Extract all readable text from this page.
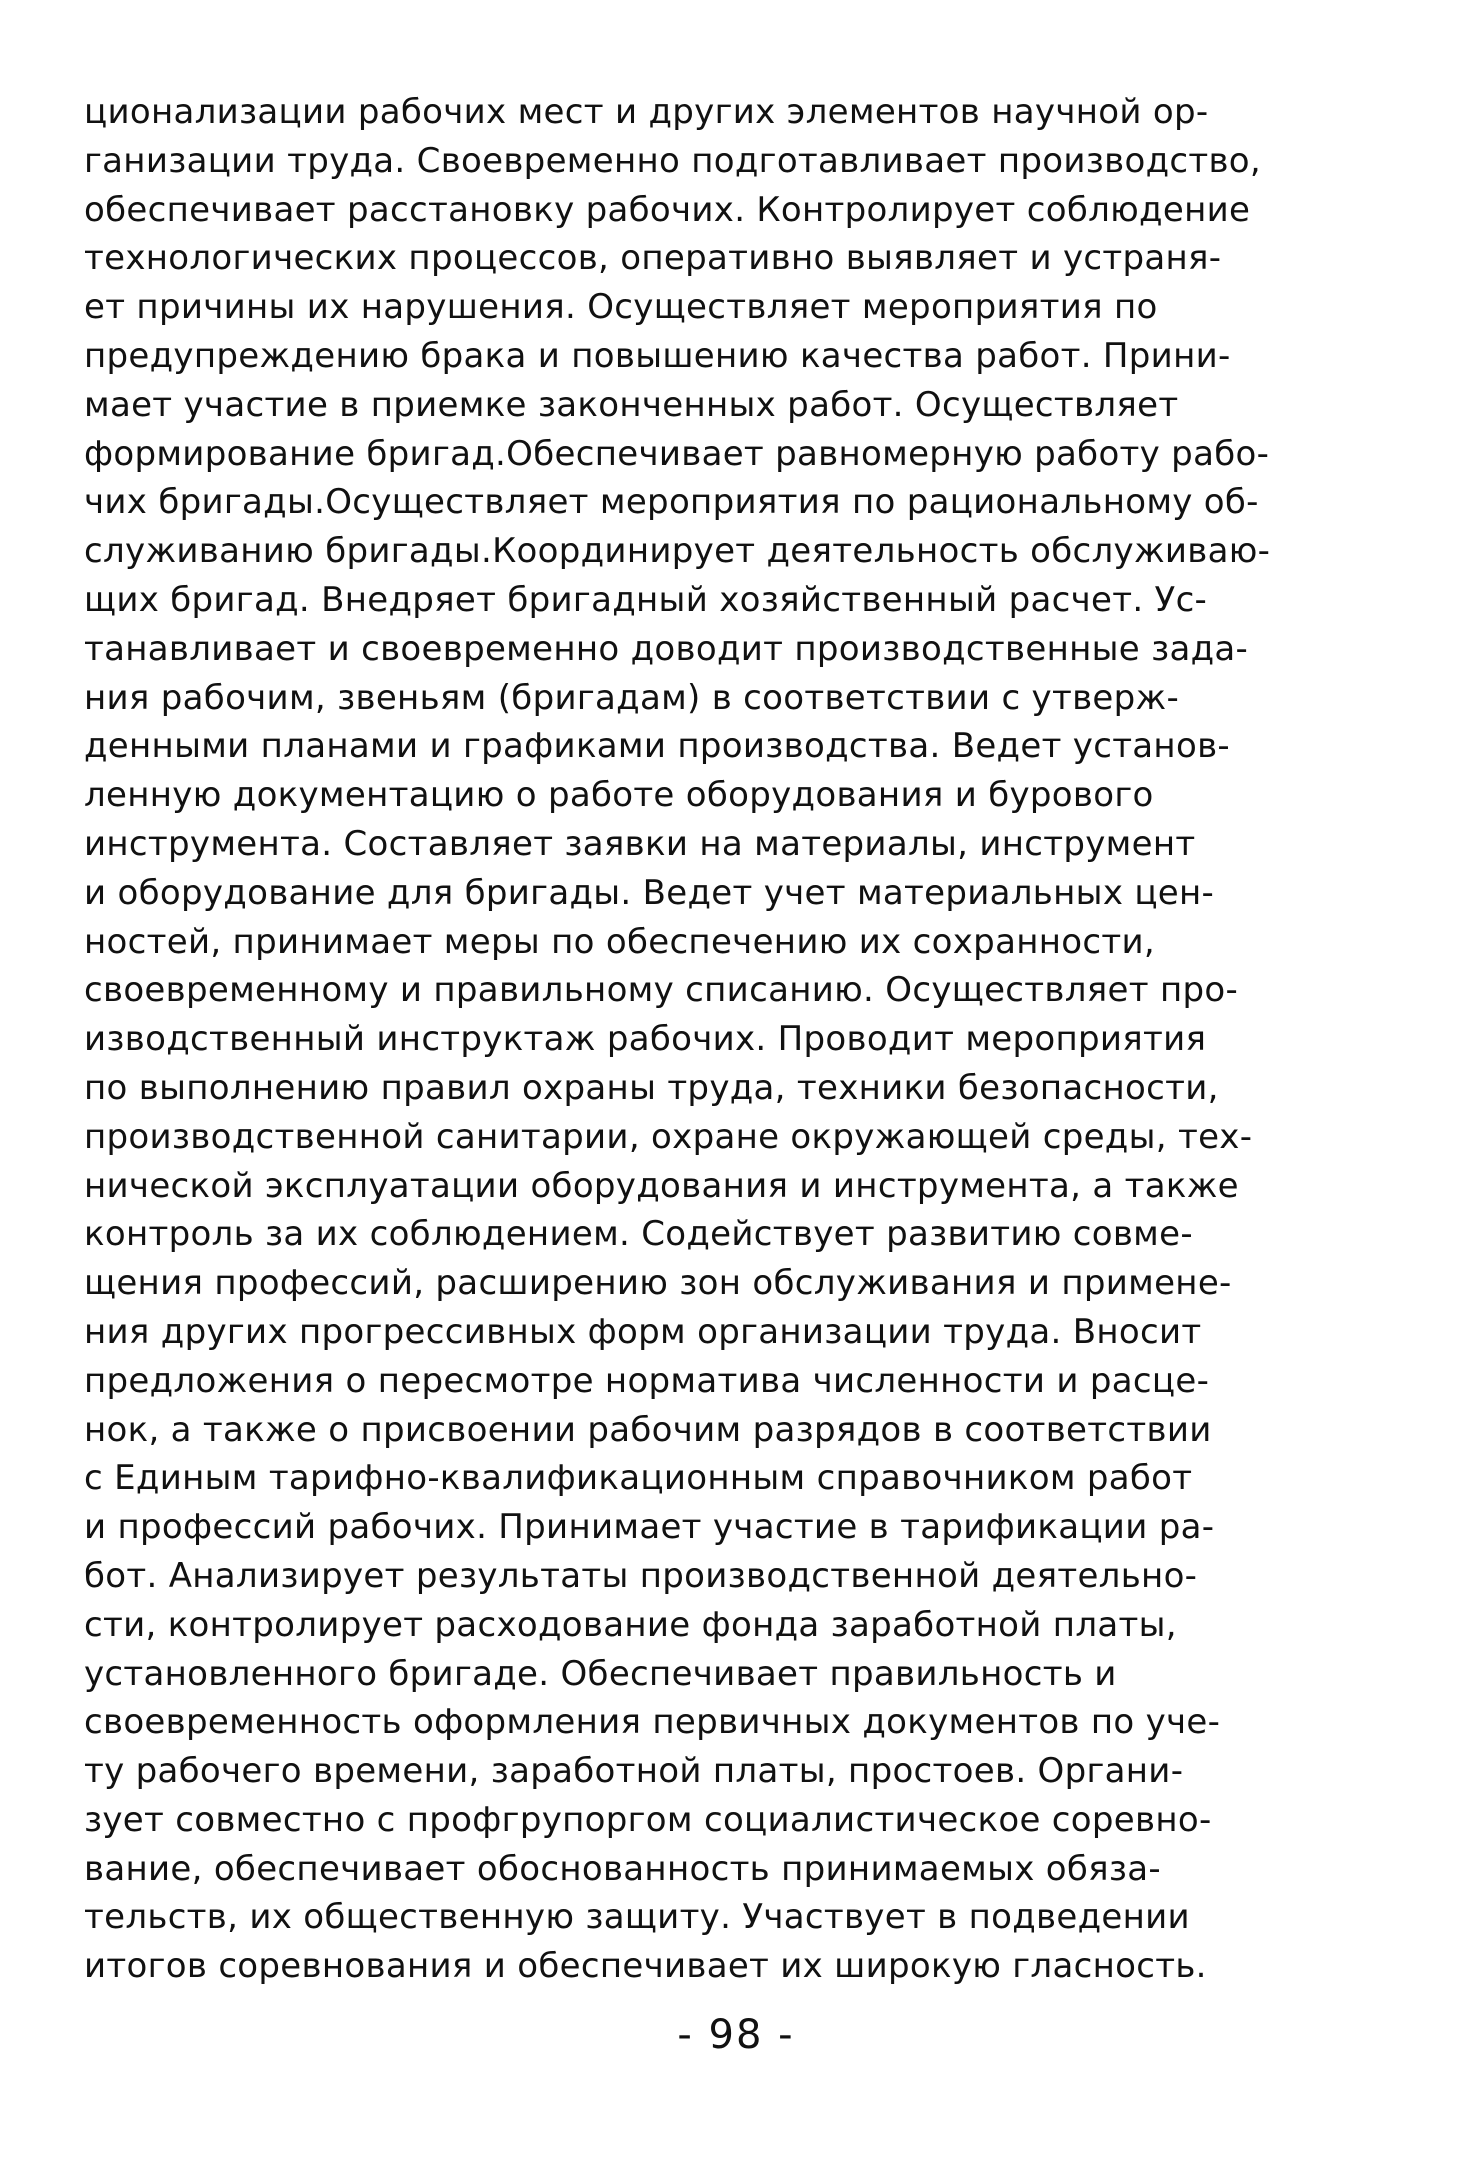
ционализации рабочих мест и других элементов научной ор-
ганизации труда. Своевременно подготавливает производство,
обеспечивает расстановку рабочих. Контролирует соблюдение
технологических процессов, оперативно выявляет и устраня-
ет причины их нарушения. Осуществляет мероприятия по
предупреждению брака и повышению качества работ. Прини-
мает участие в приемке законченных работ. Осуществляет
формирование бригад.Обеспечивает равномерную работу рабо-
чих бригады.Осуществляет мероприятия по рациональному об-
служиванию бригады.Координирует деятельность обслуживаю-
щих бригад. Внедряет бригадный хозяйственный расчет. Ус-
танавливает и своевременно доводит производственные зада-
ния рабочим, звеньям (бригадам) в соответствии с утверж-
денными планами и графиками производства. Ведет установ-
ленную документацию о работе оборудования и бурового
инструмента. Составляет заявки на материалы, инструмент
и оборудование для бригады. Ведет учет материальных цен-
ностей, принимает меры по обеспечению их сохранности,
своевременному и правильному списанию. Осуществляет про-
изводственный инструктаж рабочих. Проводит мероприятия
по выполнению правил охраны труда, техники безопасности,
производственной санитарии, охране окружающей среды, тех-
нической эксплуатации оборудования и инструмента, а также
контроль за их соблюдением. Содействует развитию совме-
щения профессий, расширению зон обслуживания и примене-
ния других прогрессивных форм организации труда. Вносит
предложения о пересмотре норматива численности и расце-
нок, а также о присвоении рабочим разрядов в соответствии
с Единым тарифно-квалификационным справочником работ
и профессий рабочих. Принимает участие в тарификации ра-
бот. Анализирует результаты производственной деятельно-
сти, контролирует расходование фонда заработной платы,
установленного бригаде. Обеспечивает правильность и
своевременность оформления первичных документов по уче-
ту рабочего времени, заработной платы, простоев. Органи-
зует совместно с профгрупоргом социалистическое соревно-
вание, обеспечивает обоснованность принимаемых обяза-
тельств, их общественную защиту. Участвует в подведении
итогов соревнования и обеспечивает их широкую гласность.
- 98 -
